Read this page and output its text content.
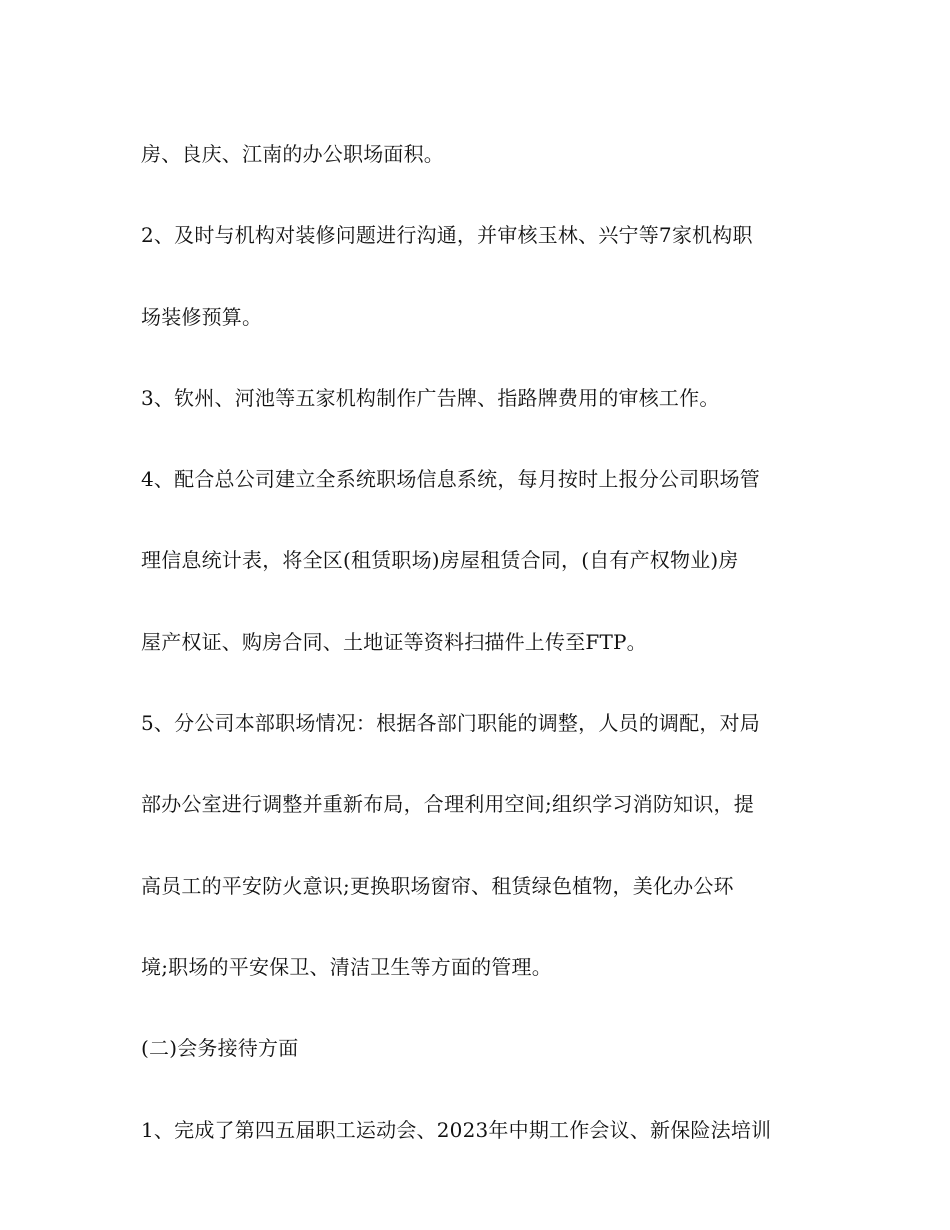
房、良庆、江南的办公职场面积。
2、及时与机构对装修问题进行沟通，并审核玉林、兴宁等7家机构职
场装修预算。
3、钦州、河池等五家机构制作广告牌、指路牌费用的审核工作。
4、配合总公司建立全系统职场信息系统，每月按时上报分公司职场管
理信息统计表，将全区(租赁职场)房屋租赁合同，(自有产权物业)房
屋产权证、购房合同、土地证等资料扫描件上传至FTP。
5、分公司本部职场情况：根据各部门职能的调整，人员的调配，对局
部办公室进行调整并重新布局，合理利用空间;组织学习消防知识，提
高员工的平安防火意识;更换职场窗帘、租赁绿色植物，美化办公环
境;职场的平安保卫、清洁卫生等方面的管理。
(二)会务接待方面
1、完成了第四五届职工运动会、2023年中期工作会议、新保险法培训
